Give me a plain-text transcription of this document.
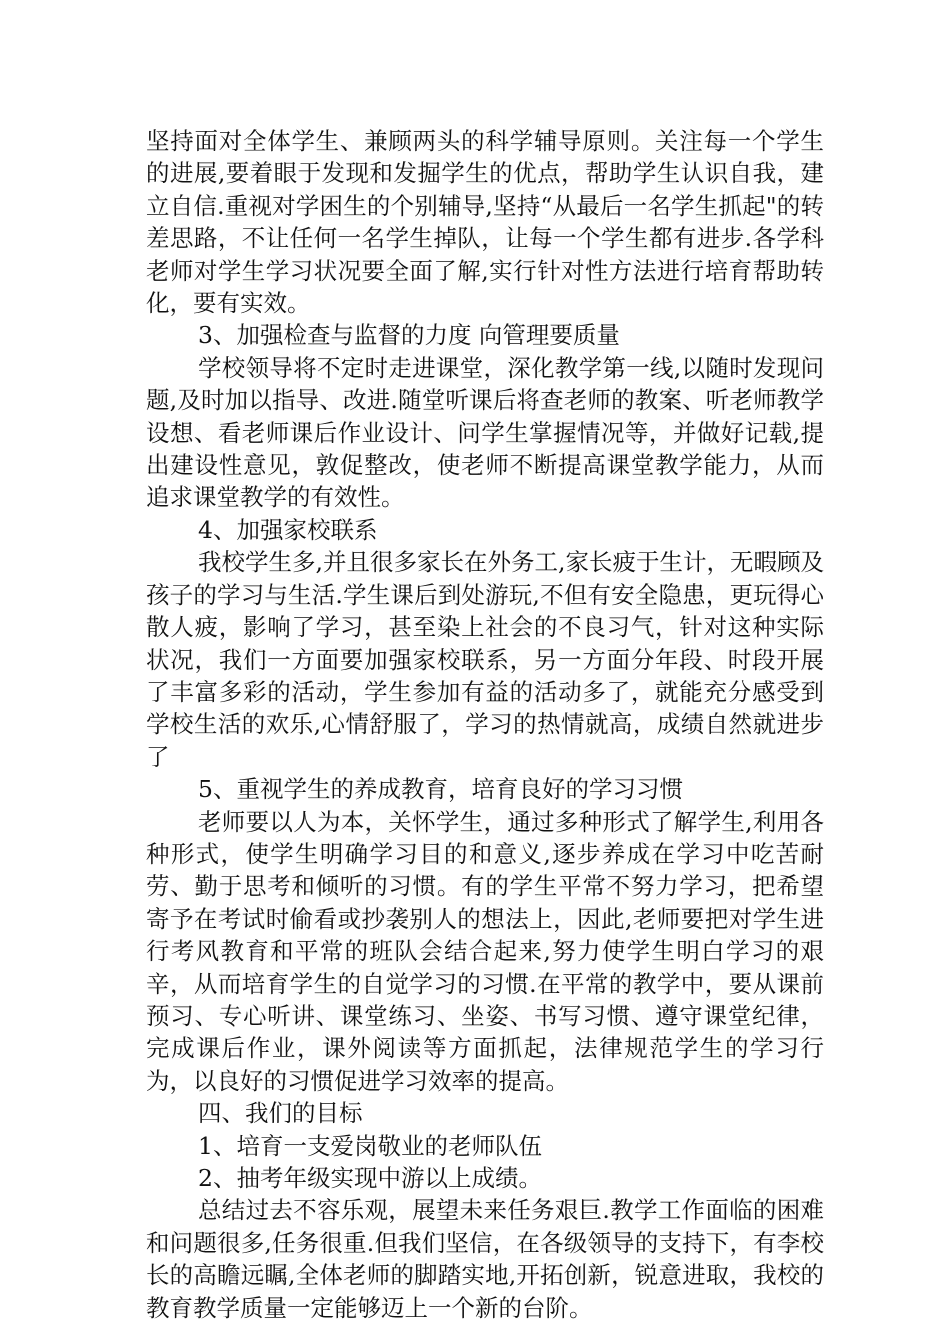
坚持面对全体学生、兼顾两头的科学辅导原则。关注每一个学生的进展,要着眼于发现和发掘学生的优点，帮助学生认识自我，建立自信.重视对学困生的个别辅导,坚持“从最后一名学生抓起"的转差思路，不让任何一名学生掉队，让每一个学生都有进步.各学科老师对学生学习状况要全面了解,实行针对性方法进行培育帮助转化，要有实效。

3、加强检查与监督的力度 向管理要质量

学校领导将不定时走进课堂，深化教学第一线,以随时发现问题,及时加以指导、改进.随堂听课后将查老师的教案、听老师教学设想、看老师课后作业设计、问学生掌握情况等，并做好记载,提出建设性意见，敦促整改，使老师不断提高课堂教学能力，从而追求课堂教学的有效性。

4、加强家校联系

我校学生多,并且很多家长在外务工,家长疲于生计，无暇顾及孩子的学习与生活.学生课后到处游玩,不但有安全隐患，更玩得心散人疲，影响了学习，甚至染上社会的不良习气，针对这种实际状况，我们一方面要加强家校联系，另一方面分年段、时段开展了丰富多彩的活动，学生参加有益的活动多了，就能充分感受到学校生活的欢乐,心情舒服了，学习的热情就高，成绩自然就进步了

5、重视学生的养成教育，培育良好的学习习惯

老师要以人为本，关怀学生，通过多种形式了解学生,利用各种形式，使学生明确学习目的和意义,逐步养成在学习中吃苦耐劳、勤于思考和倾听的习惯。有的学生平常不努力学习，把希望寄予在考试时偷看或抄袭别人的想法上，因此,老师要把对学生进行考风教育和平常的班队会结合起来,努力使学生明白学习的艰辛，从而培育学生的自觉学习的习惯.在平常的教学中，要从课前预习、专心听讲、课堂练习、坐姿、书写习惯、遵守课堂纪律，完成课后作业，课外阅读等方面抓起，法律规范学生的学习行为，以良好的习惯促进学习效率的提高。

四、我们的目标

1、培育一支爱岗敬业的老师队伍

2、抽考年级实现中游以上成绩。

总结过去不容乐观，展望未来任务艰巨.教学工作面临的困难和问题很多,任务很重.但我们坚信，在各级领导的支持下，有李校长的高瞻远瞩,全体老师的脚踏实地,开拓创新，锐意进取，我校的教育教学质量一定能够迈上一个新的台阶。
